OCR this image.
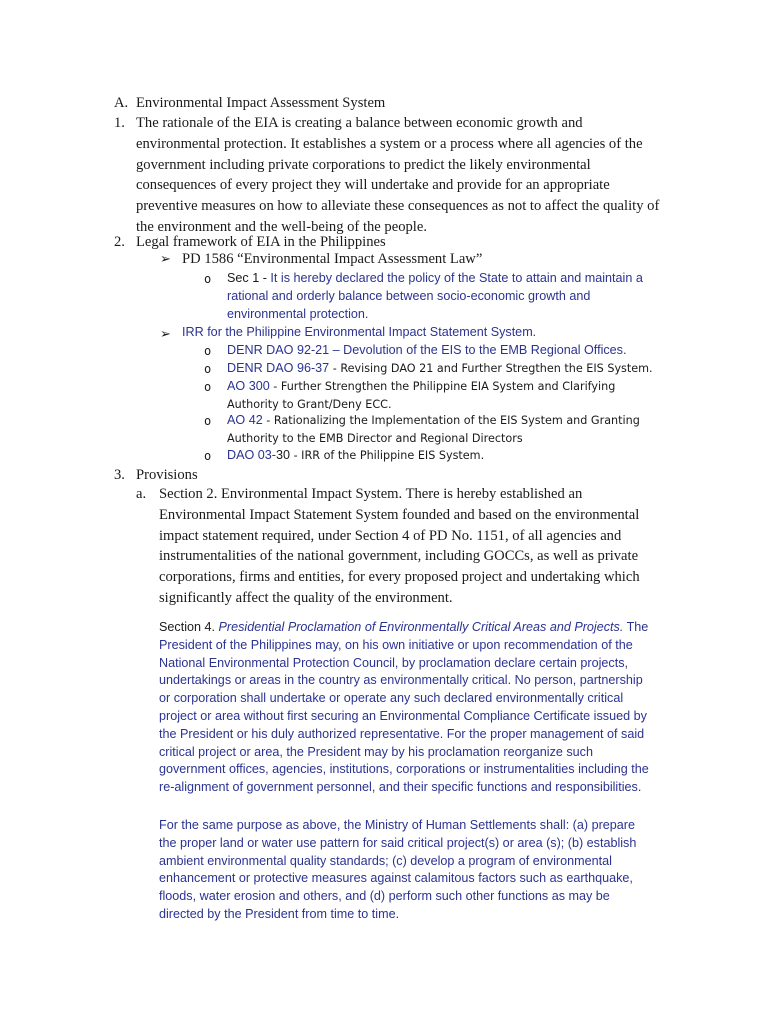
A. Environmental Impact Assessment System
1. The rationale of the EIA is creating a balance between economic growth and

environmental protection. It establishes a system or a process where all agencies of the

government including private corporations to predict the likely environmental

consequences of every project they will undertake and provide for an appropriate

preventive measures on how to alleviate these consequences as not to affect the quality of

the environment and the well-being of the people.

2. Legal framework of EIA in the Philippines
➢ PD 1586 “Environmental Impact Assessment Law”
o Sec 1 - It is hereby declared the policy of the State to attain and maintain a

rational and orderly balance between socio-economic growth and

environmental protection.

➢ IRR for the Philippine Environmental Impact Statement System.
o DENR DAO 92-21 – Devolution of the EIS to the EMB Regional Offices.
o DENR DAO 96-37 - Revising DAO 21 and Further Stregthen the EIS System.
o AO 300 - Further Strengthen the Philippine EIA System and Clarifying

Authority to Grant/Deny ECC.

o AO 42 - Rationalizing the Implementation of the EIS System and Granting

Authority to the EMB Director and Regional Directors

o DAO 03-30 - IRR of the Philippine EIS System.
3. Provisions
a. Section 2. Environmental Impact System. There is hereby established an

Environmental Impact Statement System founded and based on the environmental

impact statement required, under Section 4 of PD No. 1151, of all agencies and

instrumentalities of the national government, including GOCCs, as well as private

corporations, firms and entities, for every proposed project and undertaking which

significantly affect the quality of the environment.

Section 4. Presidential Proclamation of Environmentally Critical Areas and Projects. The

President of the Philippines may, on his own initiative or upon recommendation of the

National Environmental Protection Council, by proclamation declare certain projects,

undertakings or areas in the country as environmentally critical. No person, partnership

or corporation shall undertake or operate any such declared environmentally critical

project or area without first securing an Environmental Compliance Certificate issued by

the President or his duly authorized representative. For the proper management of said

critical project or area, the President may by his proclamation reorganize such

government offices, agencies, institutions, corporations or instrumentalities including the

re-alignment of government personnel, and their specific functions and responsibilities.

For the same purpose as above, the Ministry of Human Settlements shall: (a) prepare

the proper land or water use pattern for said critical project(s) or area (s); (b) establish

ambient environmental quality standards; (c) develop a program of environmental

enhancement or protective measures against calamitous factors such as earthquake,

floods, water erosion and others, and (d) perform such other functions as may be

directed by the President from time to time.
